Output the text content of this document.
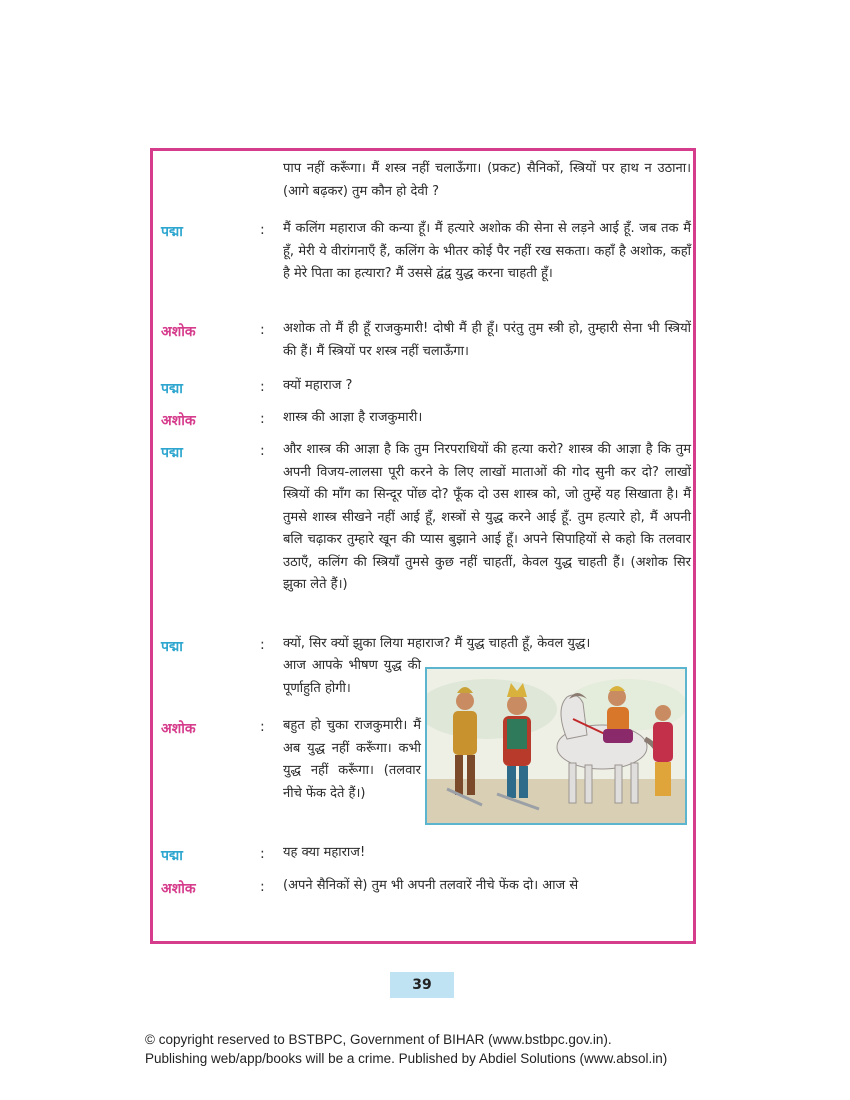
पाप नहीं करूँगा। मैं शस्त्र नहीं चलाऊँगा। (प्रकट) सैनिकों, स्त्रियों पर हाथ न उठाना। (आगे बढ़कर) तुम कौन हो देवी ?
पद्मा	: मैं कलिंग महाराज की कन्या हूँ। मैं हत्यारे अशोक की सेना से लड़ने आई हूँ. जब तक मैं हूँ, मेरी ये वीरांगनाएँ हैं, कलिंग के भीतर कोई पैर नहीं रख सकता। कहाँ है अशोक, कहाँ है मेरे पिता का हत्यारा? मैं उससे द्वंद्व युद्ध करना चाहती हूँ।
अशोक	: अशोक तो मैं ही हूँ राजकुमारी! दोषी मैं ही हूँ। परंतु तुम स्त्री हो, तुम्हारी सेना भी स्त्रियों की हैं। मैं स्त्रियों पर शस्त्र नहीं चलाऊँगा।
पद्मा	: क्यों महाराज ?
अशोक	: शास्त्र की आज्ञा है राजकुमारी।
पद्मा	: और शास्त्र की आज्ञा है कि तुम निरपराधियों की हत्या करो? शास्त्र की आज्ञा है कि तुम अपनी विजय-लालसा पूरी करने के लिए लाखों माताओं की गोद सुनी कर दो? लाखों स्त्रियों की माँग का सिन्दूर पोंछ दो? फूँक दो उस शास्त्र को, जो तुम्हें यह सिखाता है। मैं तुमसे शास्त्र सीखने नहीं आई हूँ, शस्त्रों से युद्ध करने आई हूँ. तुम हत्यारे हो, मैं अपनी बलि चढ़ाकर तुम्हारे खून की प्यास बुझाने आई हूँ। अपने सिपाहियों से कहो कि तलवार उठाएँ, कलिंग की स्त्रियाँ तुमसे कुछ नहीं चाहतीं, केवल युद्ध चाहती हैं। (अशोक सिर झुका लेते हैं।)
पद्मा	: क्यों, सिर क्यों झुका लिया महाराज? मैं युद्ध चाहती हूँ, केवल युद्ध।
आज आपके भीषण युद्ध की पूर्णाहुति होगी।
अशोक	: बहुत हो चुका राजकुमारी। मैं अब युद्ध नहीं करूँगा। कभी युद्ध नहीं करूँगा। (तलवार नीचे फेंक देते हैं।)
पद्मा	: यह क्या महाराज!
अशोक	: (अपने सैनिकों से) तुम भी अपनी तलवारें नीचे फेंक दो। आज से
39
© copyright reserved to BSTBPC, Government of BIHAR (www.bstbpc.gov.in).
Publishing web/app/books will be a crime. Published by Abdiel Solutions (www.absol.in)
